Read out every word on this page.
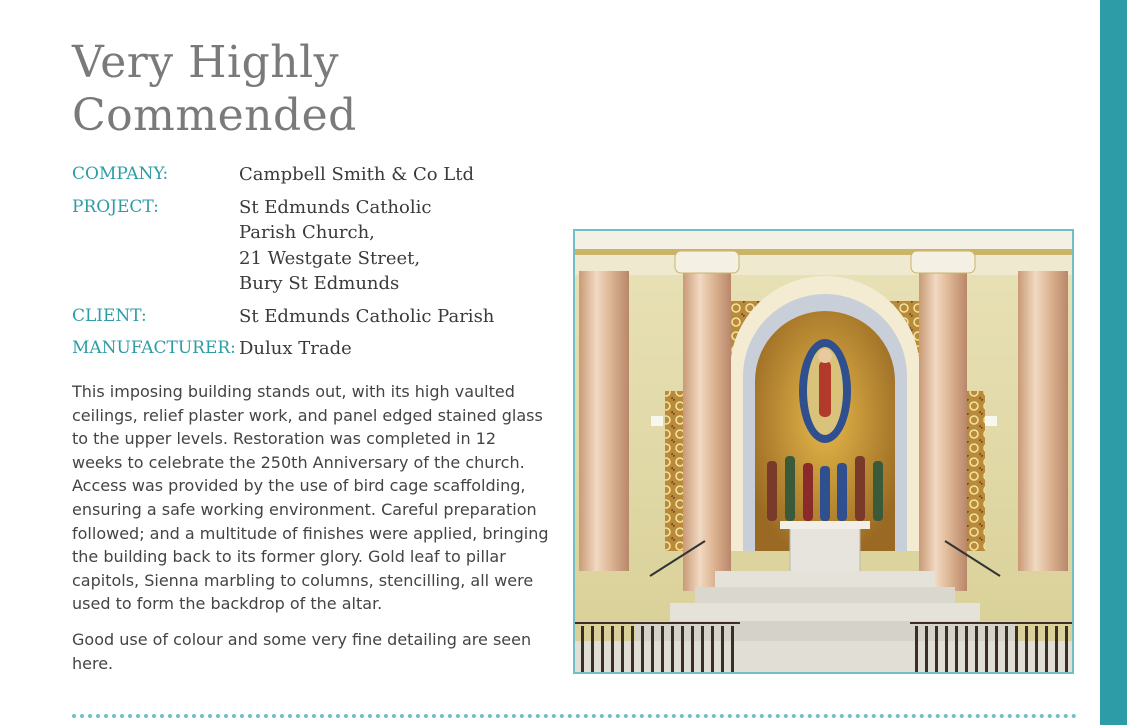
Very Highly
Commended
COMPANY:	Campbell Smith & Co Ltd
PROJECT:	St Edmunds Catholic
Parish Church,
21 Westgate Street,
Bury St Edmunds
CLIENT:	St Edmunds Catholic Parish
MANUFACTURER: Dulux Trade

This imposing building stands out, with its high vaulted ceilings, relief plaster work, and panel edged stained glass to the upper levels. Restoration was completed in 12 weeks to celebrate the 250th Anniversary of the church. Access was provided by the use of bird cage scaffolding, ensuring a safe working environment. Careful preparation followed; and a multitude of finishes were applied, bringing the building back to its former glory. Gold leaf to pillar capitols, Sienna marbling to columns, stencilling, all were used to form the backdrop of the altar.

Good use of colour and some very fine detailing are seen here.
